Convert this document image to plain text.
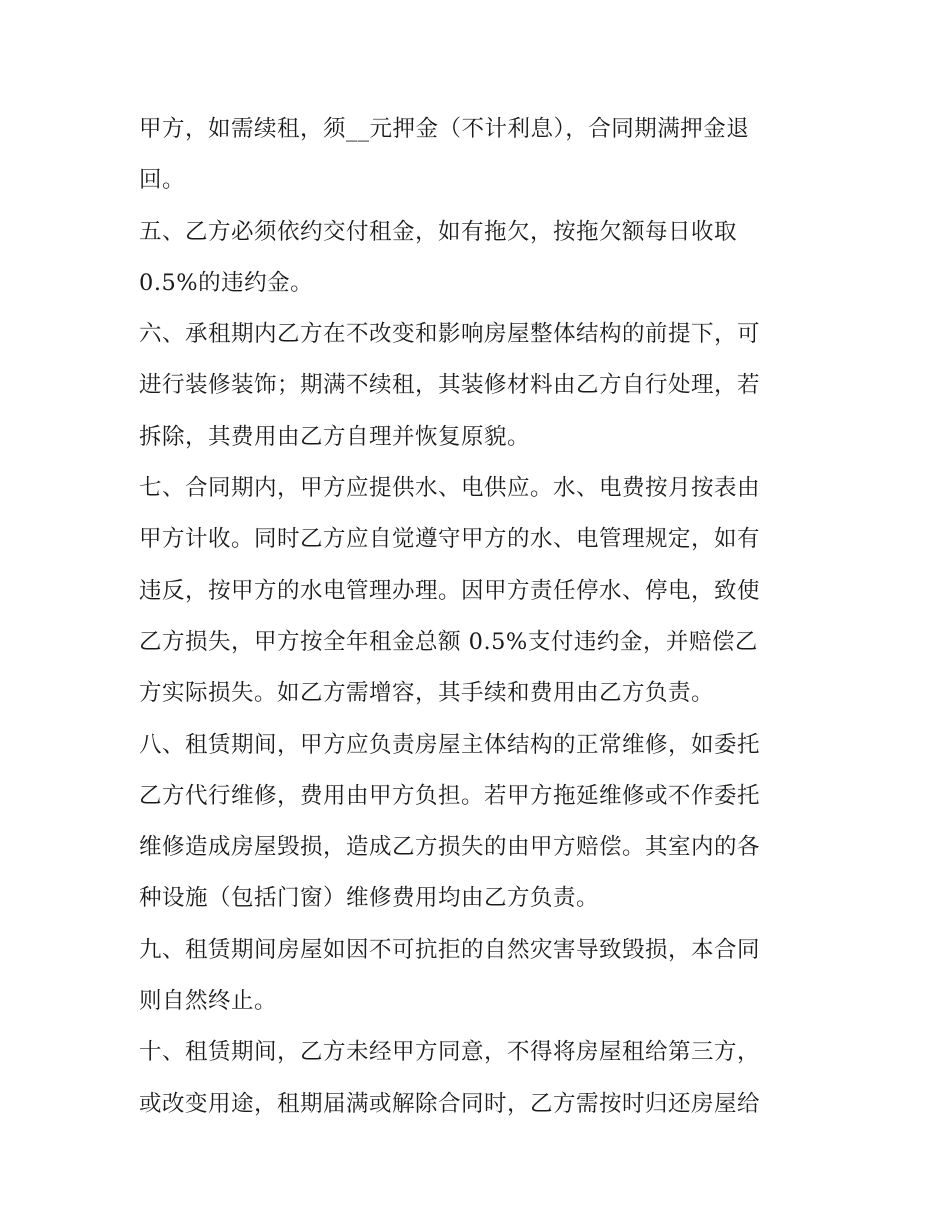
甲方，如需续租，须__元押金（不计利息），合同期满押金退
回。
五、乙方必须依约交付租金，如有拖欠，按拖欠额每日收取
0.5%的违约金。
六、承租期内乙方在不改变和影响房屋整体结构的前提下，可
进行装修装饰；期满不续租，其装修材料由乙方自行处理，若
拆除，其费用由乙方自理并恢复原貌。
七、合同期内，甲方应提供水、电供应。水、电费按月按表由
甲方计收。同时乙方应自觉遵守甲方的水、电管理规定，如有
违反，按甲方的水电管理办理。因甲方责任停水、停电，致使
乙方损失，甲方按全年租金总额 0.5%支付违约金，并赔偿乙
方实际损失。如乙方需增容，其手续和费用由乙方负责。
八、租赁期间，甲方应负责房屋主体结构的正常维修，如委托
乙方代行维修，费用由甲方负担。若甲方拖延维修或不作委托
维修造成房屋毁损，造成乙方损失的由甲方赔偿。其室内的各
种设施（包括门窗）维修费用均由乙方负责。
九、租赁期间房屋如因不可抗拒的自然灾害导致毁损，本合同
则自然终止。
十、租赁期间，乙方未经甲方同意，不得将房屋租给第三方，
或改变用途，租期届满或解除合同时，乙方需按时归还房屋给
